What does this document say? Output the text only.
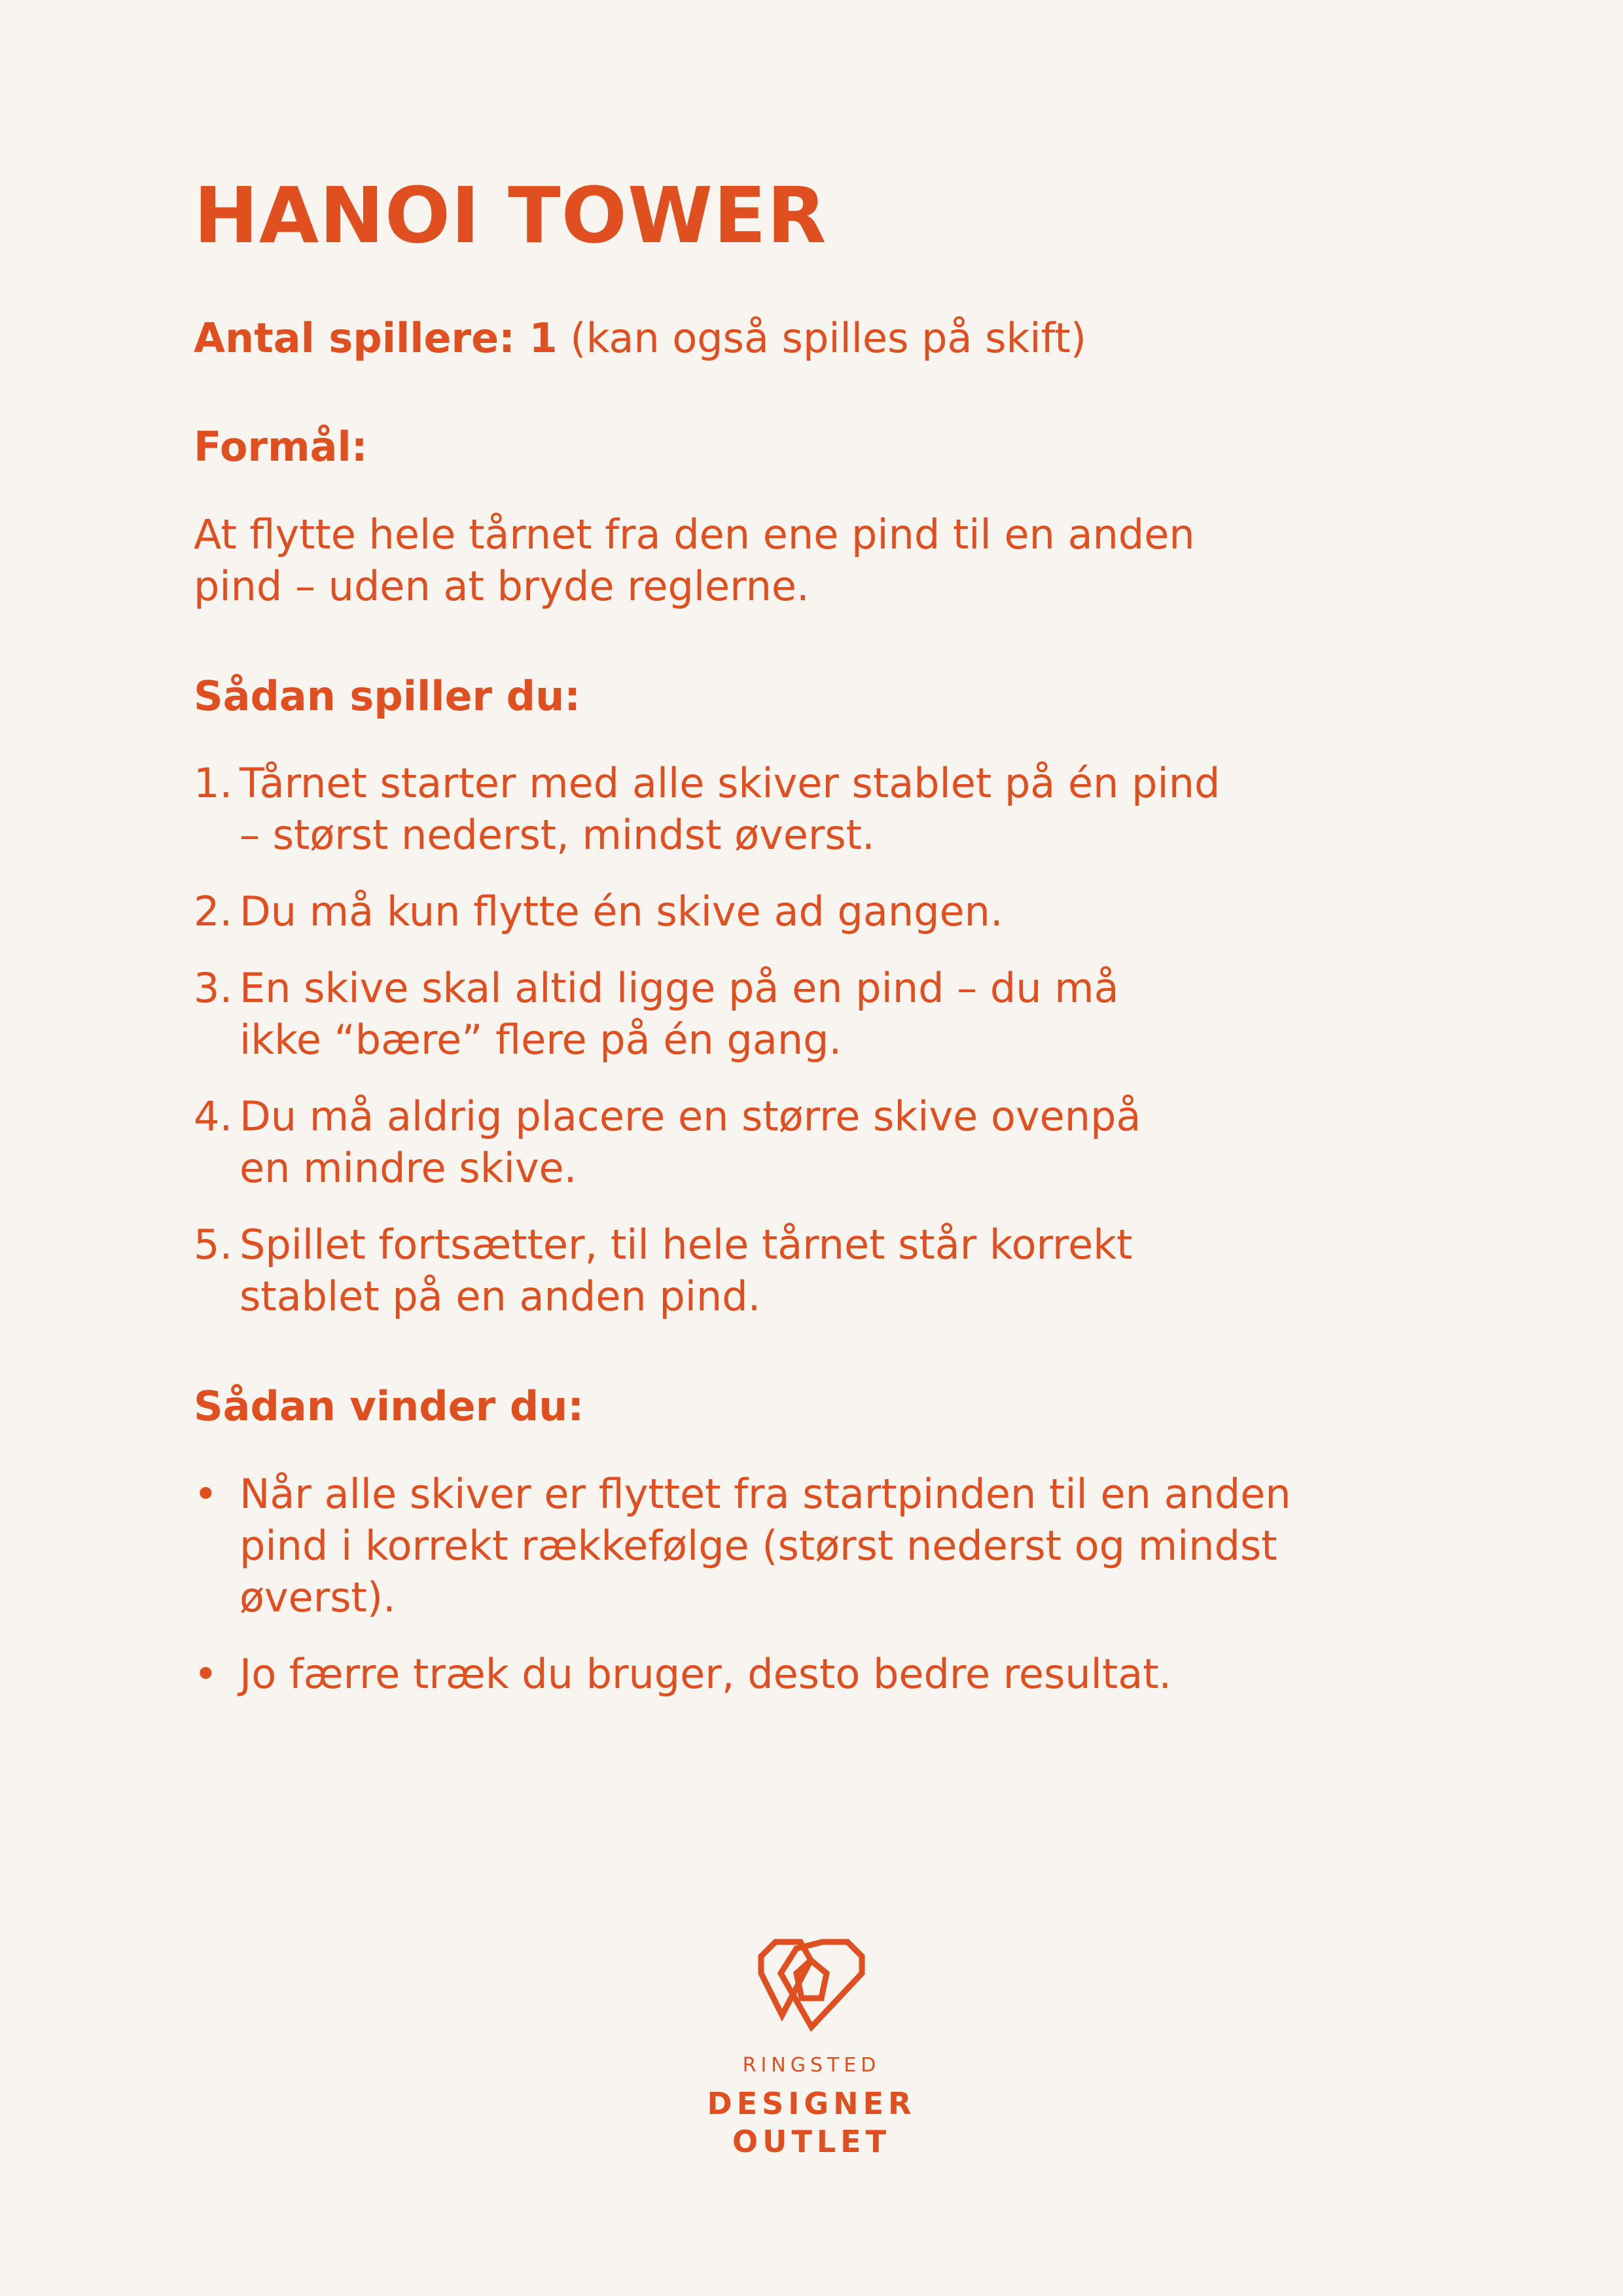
HANOI TOWER

Antal spillere: 1 (kan også spilles på skift)

Formål:

At flytte hele tårnet fra den ene pind til en anden pind – uden at bryde reglerne.

Sådan spiller du:
1. Tårnet starter med alle skiver stablet på én pind – størst nederst, mindst øverst.
2. Du må kun flytte én skive ad gangen.
3. En skive skal altid ligge på en pind – du må ikke “bære” flere på én gang.
4. Du må aldrig placere en større skive ovenpå en mindre skive.
5. Spillet fortsætter, til hele tårnet står korrekt stablet på en anden pind.
Sådan vinder du:
• Når alle skiver er flyttet fra startpinden til en anden pind i korrekt rækkefølge (størst nederst og mindst øverst).
• Jo færre træk du bruger, desto bedre resultat.
RINGSTED
DESIGNER
OUTLET
